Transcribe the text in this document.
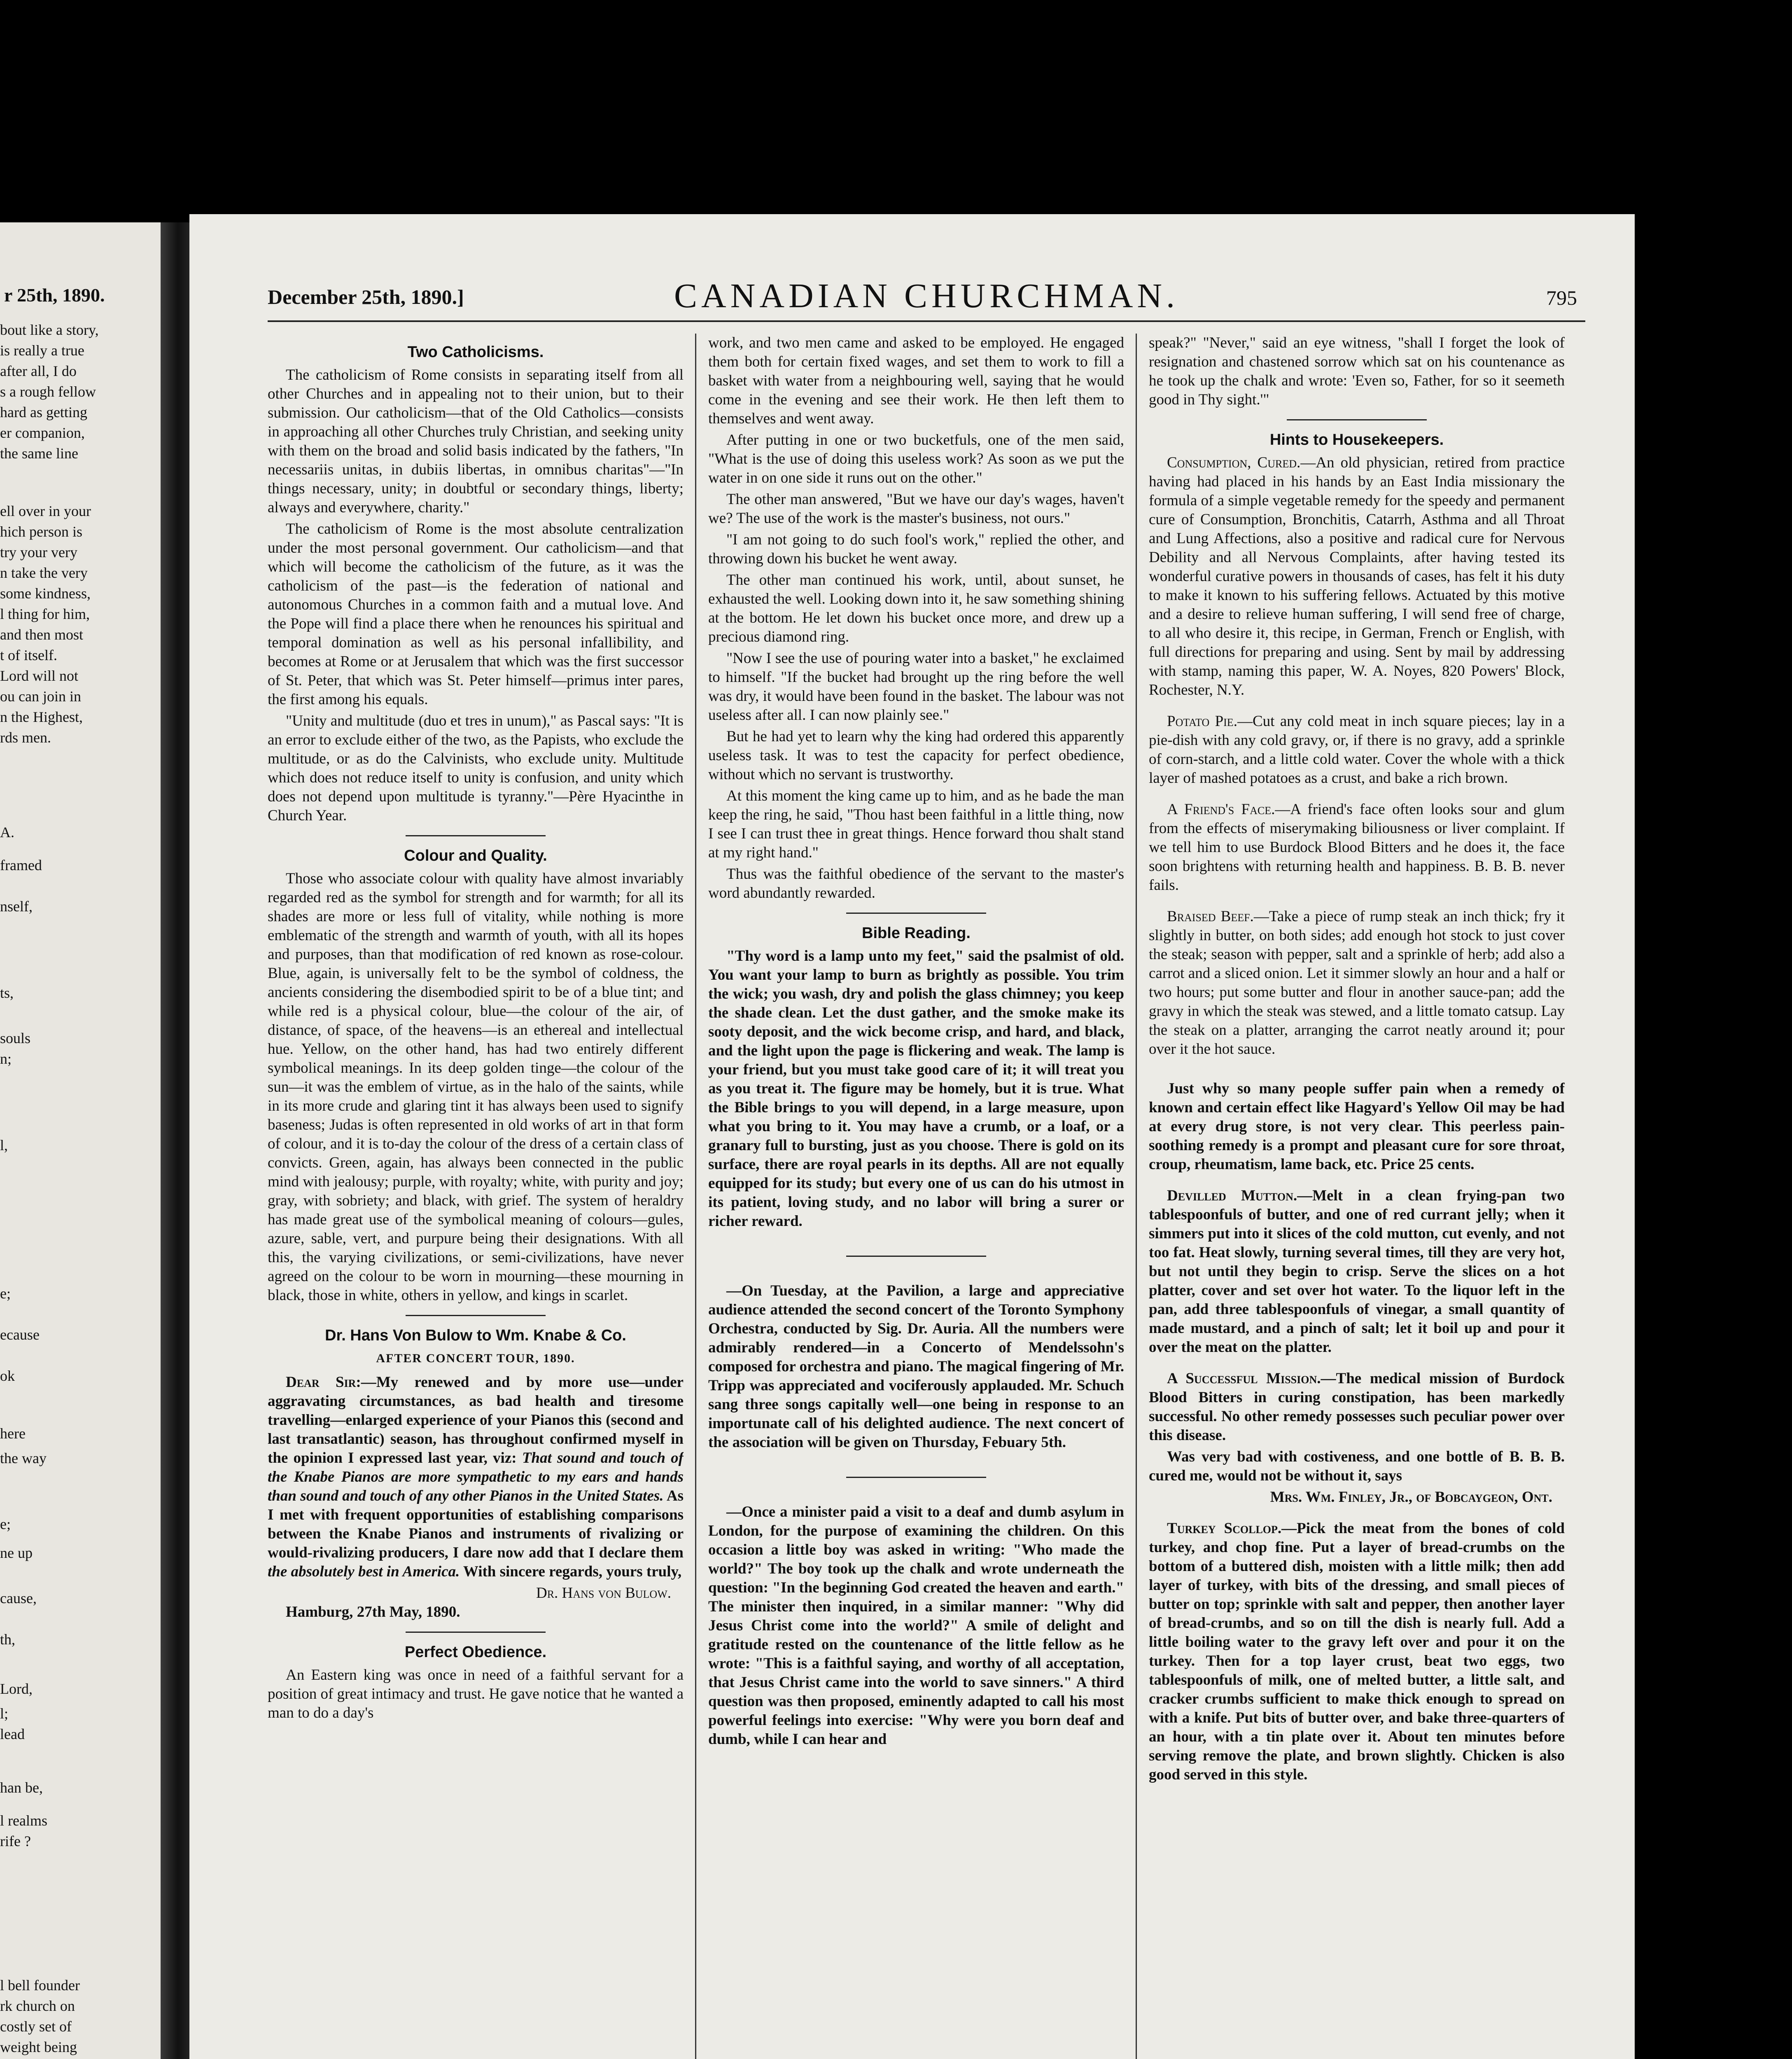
r 25th, 1890.
bout like a story,
is really a true
after all, I do
s a rough fellow
hard as getting
er companion,
the same line
ell over in your
hich person is
try your very
n take the very
some kindness,
l thing for him,
and then most
t of itself.
Lord will not
ou can join in
n the Highest,
rds men.
A.
framed
nself,
ts,
souls
n;
l,
e;
ecause
ok
here
the way
e;
ne up
cause,
th,
Lord,
l;
lead
han be,
l realms
rife ?
l bell founder
rk church on
costly set of
weight being
December 25th, 1890.]	CANADIAN CHURCHMAN.	795
Two Catholicisms.

The catholicism of Rome consists in separating itself from all other Churches and in appealing not to their union, but to their submission. Our catholicism—that of the Old Catholics—consists in approaching all other Churches truly Christian, and seeking unity with them on the broad and solid basis indicated by the fathers, "In necessariis unitas, in dubiis libertas, in omnibus charitas"—"In things necessary, unity; in doubtful or secondary things, liberty; always and everywhere, charity."

The catholicism of Rome is the most absolute centralization under the most personal government. Our catholicism—and that which will become the catholicism of the future, as it was the catholicism of the past—is the federation of national and autonomous Churches in a common faith and a mutual love. And the Pope will find a place there when he renounces his spiritual and temporal domination as well as his personal infallibility, and becomes at Rome or at Jerusalem that which was the first successor of St. Peter, that which was St. Peter himself—primus inter pares, the first among his equals.

"Unity and multitude (duo et tres in unum)," as Pascal says: "It is an error to exclude either of the two, as the Papists, who exclude the multitude, or as do the Calvinists, who exclude unity. Multitude which does not reduce itself to unity is confusion, and unity which does not depend upon multitude is tyranny."—Père Hyacinthe in Church Year.

Colour and Quality.

Those who associate colour with quality have almost invariably regarded red as the symbol for strength and for warmth; for all its shades are more or less full of vitality, while nothing is more emblematic of the strength and warmth of youth, with all its hopes and purposes, than that modification of red known as rose-colour. Blue, again, is universally felt to be the symbol of coldness, the ancients considering the disembodied spirit to be of a blue tint; and while red is a physical colour, blue—the colour of the air, of distance, of space, of the heavens—is an ethereal and intellectual hue. Yellow, on the other hand, has had two entirely different symbolical meanings. In its deep golden tinge—the colour of the sun—it was the emblem of virtue, as in the halo of the saints, while in its more crude and glaring tint it has always been used to signify baseness; Judas is often represented in old works of art in that form of colour, and it is to-day the colour of the dress of a certain class of convicts. Green, again, has always been connected in the public mind with jealousy; purple, with royalty; white, with purity and joy; gray, with sobriety; and black, with grief. The system of heraldry has made great use of the symbolical meaning of colours—gules, azure, sable, vert, and purpure being their designations. With all this, the varying civilizations, or semi-civilizations, have never agreed on the colour to be worn in mourning—these mourning in black, those in white, others in yellow, and kings in scarlet.

Dr. Hans Von Bulow to Wm. Knabe & Co.
AFTER CONCERT TOUR, 1890.

Dear Sir:—My renewed and by more use—under aggravating circumstances, as bad health and tiresome travelling—enlarged experience of your Pianos this (second and last transatlantic) season, has throughout confirmed myself in the opinion I expressed last year, viz: That sound and touch of the Knabe Pianos are more sympathetic to my ears and hands than sound and touch of any other Pianos in the United States. As I met with frequent opportunities of establishing comparisons between the Knabe Pianos and instruments of rivalizing or would-rivalizing producers, I dare now add that I declare them the absolutely best in America. With sincere regards, yours truly,

Dr. Hans von Bulow.
Hamburg, 27th May, 1890.
Perfect Obedience.

An Eastern king was once in need of a faithful servant for a position of great intimacy and trust. He gave notice that he wanted a man to do a day's

work, and two men came and asked to be employed. He engaged them both for certain fixed wages, and set them to work to fill a basket with water from a neighbouring well, saying that he would come in the evening and see their work. He then left them to themselves and went away.

After putting in one or two bucketfuls, one of the men said, "What is the use of doing this useless work? As soon as we put the water in on one side it runs out on the other."

The other man answered, "But we have our day's wages, haven't we? The use of the work is the master's business, not ours."

"I am not going to do such fool's work," replied the other, and throwing down his bucket he went away.

The other man continued his work, until, about sunset, he exhausted the well. Looking down into it, he saw something shining at the bottom. He let down his bucket once more, and drew up a precious diamond ring.

"Now I see the use of pouring water into a basket," he exclaimed to himself. "If the bucket had brought up the ring before the well was dry, it would have been found in the basket. The labour was not useless after all. I can now plainly see."

But he had yet to learn why the king had ordered this apparently useless task. It was to test the capacity for perfect obedience, without which no servant is trustworthy.

At this moment the king came up to him, and as he bade the man keep the ring, he said, "Thou hast been faithful in a little thing, now I see I can trust thee in great things. Hence forward thou shalt stand at my right hand."

Thus was the faithful obedience of the servant to the master's word abundantly rewarded.

Bible Reading.

"Thy word is a lamp unto my feet," said the psalmist of old. You want your lamp to burn as brightly as possible. You trim the wick; you wash, dry and polish the glass chimney; you keep the shade clean. Let the dust gather, and the smoke make its sooty deposit, and the wick become crisp, and hard, and black, and the light upon the page is flickering and weak. The lamp is your friend, but you must take good care of it; it will treat you as you treat it. The figure may be homely, but it is true. What the Bible brings to you will depend, in a large measure, upon what you bring to it. You may have a crumb, or a loaf, or a granary full to bursting, just as you choose. There is gold on its surface, there are royal pearls in its depths. All are not equally equipped for its study; but every one of us can do his utmost in its patient, loving study, and no labor will bring a surer or richer reward.

—On Tuesday, at the Pavilion, a large and appreciative audience attended the second concert of the Toronto Symphony Orchestra, conducted by Sig. Dr. Auria. All the numbers were admirably rendered—in a Concerto of Mendelssohn's composed for orchestra and piano. The magical fingering of Mr. Tripp was appreciated and vociferously applauded. Mr. Schuch sang three songs capitally well—one being in response to an importunate call of his delighted audience. The next concert of the association will be given on Thursday, Febuary 5th.

—Once a minister paid a visit to a deaf and dumb asylum in London, for the purpose of examining the children. On this occasion a little boy was asked in writing: "Who made the world?" The boy took up the chalk and wrote underneath the question: "In the beginning God created the heaven and earth." The minister then inquired, in a similar manner: "Why did Jesus Christ come into the world?" A smile of delight and gratitude rested on the countenance of the little fellow as he wrote: "This is a faithful saying, and worthy of all acceptation, that Jesus Christ came into the world to save sinners." A third question was then proposed, eminently adapted to call his most powerful feelings into exercise: "Why were you born deaf and dumb, while I can hear and

speak?" "Never," said an eye witness, "shall I forget the look of resignation and chastened sorrow which sat on his countenance as he took up the chalk and wrote: 'Even so, Father, for so it seemeth good in Thy sight.'"

Hints to Housekeepers.

Consumption, Cured.—An old physician, retired from practice having had placed in his hands by an East India missionary the formula of a simple vegetable remedy for the speedy and permanent cure of Consumption, Bronchitis, Catarrh, Asthma and all Throat and Lung Affections, also a positive and radical cure for Nervous Debility and all Nervous Complaints, after having tested its wonderful curative powers in thousands of cases, has felt it his duty to make it known to his suffering fellows. Actuated by this motive and a desire to relieve human suffering, I will send free of charge, to all who desire it, this recipe, in German, French or English, with full directions for preparing and using. Sent by mail by addressing with stamp, naming this paper, W. A. Noyes, 820 Powers' Block, Rochester, N.Y.

Potato Pie.—Cut any cold meat in inch square pieces; lay in a pie-dish with any cold gravy, or, if there is no gravy, add a sprinkle of corn-starch, and a little cold water. Cover the whole with a thick layer of mashed potatoes as a crust, and bake a rich brown.

A Friend's Face.—A friend's face often looks sour and glum from the effects of miserymaking biliousness or liver complaint. If we tell him to use Burdock Blood Bitters and he does it, the face soon brightens with returning health and happiness. B. B. B. never fails.

Braised Beef.—Take a piece of rump steak an inch thick; fry it slightly in butter, on both sides; add enough hot stock to just cover the steak; season with pepper, salt and a sprinkle of herb; add also a carrot and a sliced onion. Let it simmer slowly an hour and a half or two hours; put some butter and flour in another sauce-pan; add the gravy in which the steak was stewed, and a little tomato catsup. Lay the steak on a platter, arranging the carrot neatly around it; pour over it the hot sauce.

Just why so many people suffer pain when a remedy of known and certain effect like Hagyard's Yellow Oil may be had at every drug store, is not very clear. This peerless pain-soothing remedy is a prompt and pleasant cure for sore throat, croup, rheumatism, lame back, etc. Price 25 cents.

Devilled Mutton.—Melt in a clean frying-pan two tablespoonfuls of butter, and one of red currant jelly; when it simmers put into it slices of the cold mutton, cut evenly, and not too fat. Heat slowly, turning several times, till they are very hot, but not until they begin to crisp. Serve the slices on a hot platter, cover and set over hot water. To the liquor left in the pan, add three tablespoonfuls of vinegar, a small quantity of made mustard, and a pinch of salt; let it boil up and pour it over the meat on the platter.

A Successful Mission.—The medical mission of Burdock Blood Bitters in curing constipation, has been markedly successful. No other remedy possesses such peculiar power over this disease.

Was very bad with costiveness, and one bottle of B. B. B. cured me, would not be without it, says

Mrs. Wm. Finley, Jr., of Bobcaygeon, Ont.

Turkey Scollop.—Pick the meat from the bones of cold turkey, and chop fine. Put a layer of bread-crumbs on the bottom of a buttered dish, moisten with a little milk; then add layer of turkey, with bits of the dressing, and small pieces of butter on top; sprinkle with salt and pepper, then another layer of bread-crumbs, and so on till the dish is nearly full. Add a little boiling water to the gravy left over and pour it on the turkey. Then for a top layer crust, beat two eggs, two tablespoonfuls of milk, one of melted butter, a little salt, and cracker crumbs sufficient to make thick enough to spread on with a knife. Put bits of butter over, and bake three-quarters of an hour, with a tin plate over it. About ten minutes before serving remove the plate, and brown slightly. Chicken is also good served in this style.
